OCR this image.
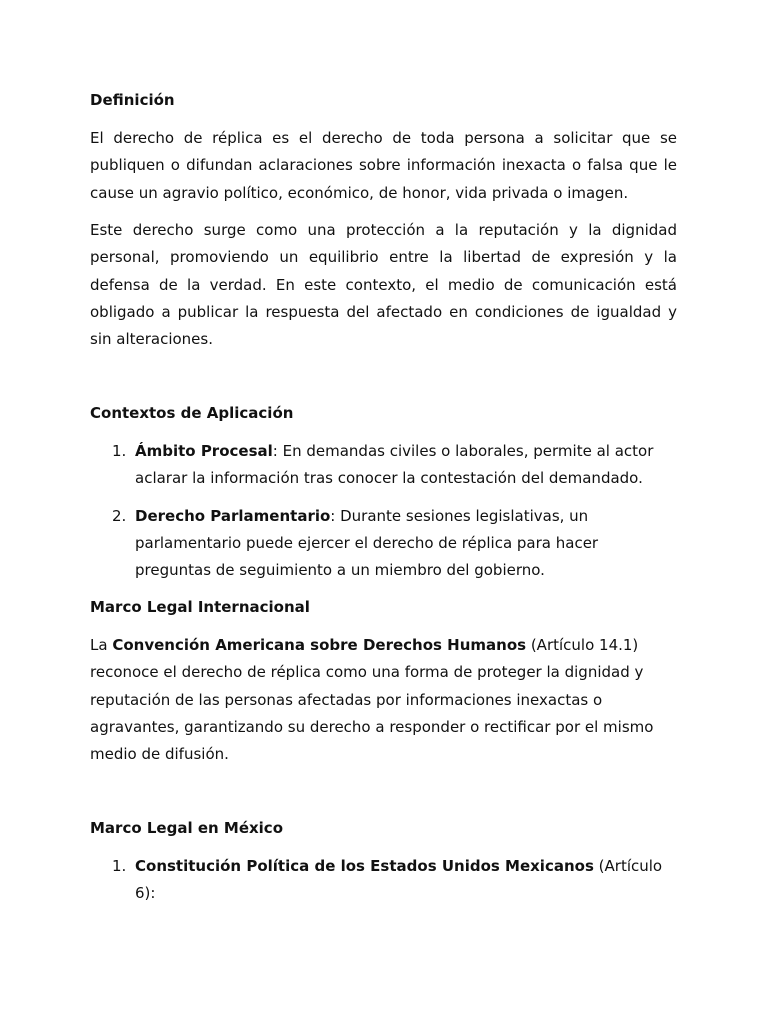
Definición
El derecho de réplica es el derecho de toda persona a solicitar que se publiquen o difundan aclaraciones sobre información inexacta o falsa que le cause un agravio político, económico, de honor, vida privada o imagen.
Este derecho surge como una protección a la reputación y la dignidad personal, promoviendo un equilibrio entre la libertad de expresión y la defensa de la verdad. En este contexto, el medio de comunicación está obligado a publicar la respuesta del afectado en condiciones de igualdad y sin alteraciones.
Contextos de Aplicación
1. Ámbito Procesal: En demandas civiles o laborales, permite al actor aclarar la información tras conocer la contestación del demandado.
2. Derecho Parlamentario: Durante sesiones legislativas, un parlamentario puede ejercer el derecho de réplica para hacer preguntas de seguimiento a un miembro del gobierno.
Marco Legal Internacional
La Convención Americana sobre Derechos Humanos (Artículo 14.1) reconoce el derecho de réplica como una forma de proteger la dignidad y reputación de las personas afectadas por informaciones inexactas o agravantes, garantizando su derecho a responder o rectificar por el mismo medio de difusión.
Marco Legal en México
1. Constitución Política de los Estados Unidos Mexicanos (Artículo 6):
